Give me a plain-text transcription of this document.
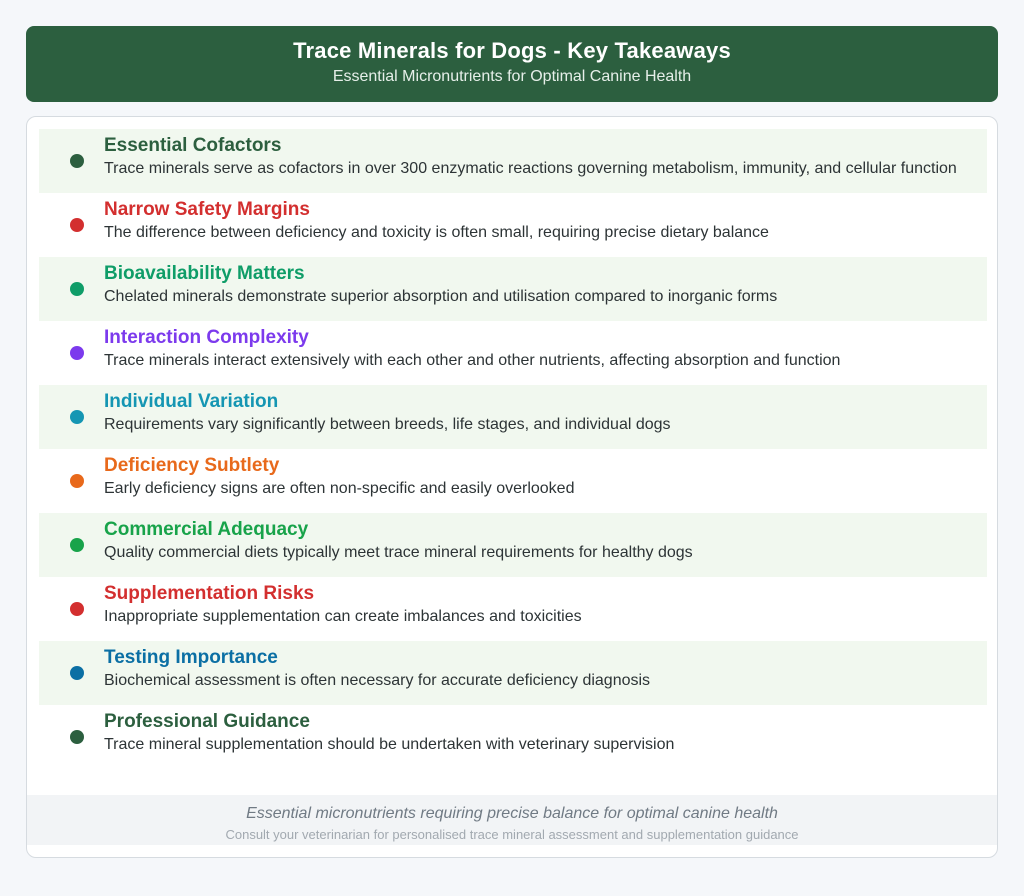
Trace Minerals for Dogs - Key Takeaways
Essential Micronutrients for Optimal Canine Health
Essential Cofactors
Trace minerals serve as cofactors in over 300 enzymatic reactions governing metabolism, immunity, and cellular function
Narrow Safety Margins
The difference between deficiency and toxicity is often small, requiring precise dietary balance
Bioavailability Matters
Chelated minerals demonstrate superior absorption and utilisation compared to inorganic forms
Interaction Complexity
Trace minerals interact extensively with each other and other nutrients, affecting absorption and function
Individual Variation
Requirements vary significantly between breeds, life stages, and individual dogs
Deficiency Subtlety
Early deficiency signs are often non-specific and easily overlooked
Commercial Adequacy
Quality commercial diets typically meet trace mineral requirements for healthy dogs
Supplementation Risks
Inappropriate supplementation can create imbalances and toxicities
Testing Importance
Biochemical assessment is often necessary for accurate deficiency diagnosis
Professional Guidance
Trace mineral supplementation should be undertaken with veterinary supervision
Essential micronutrients requiring precise balance for optimal canine health
Consult your veterinarian for personalised trace mineral assessment and supplementation guidance
